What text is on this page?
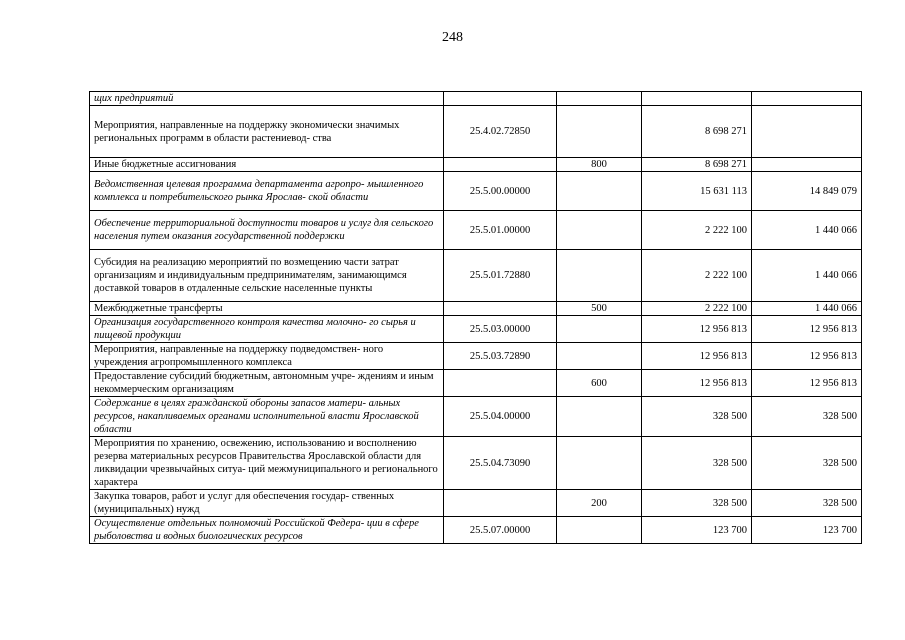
248
щих предприятий				
Мероприятия, направленные на поддержку экономически значимых региональных программ в области растениевод- ства	25.4.02.72850		8 698 271	
Иные бюджетные ассигнования		800	8 698 271	
Ведомственная целевая программа департамента агропро- мышленного комплекса и потребительского рынка Ярослав- ской области	25.5.00.00000		15 631 113	14 849 079
Обеспечение территориальной доступности товаров и услуг для сельского населения путем оказания государственной поддержки	25.5.01.00000		2 222 100	1 440 066
Субсидия на реализацию мероприятий по возмещению части затрат организациям и индивидуальным предпринимателям, занимающимся доставкой товаров в отдаленные сельские населенные пункты	25.5.01.72880		2 222 100	1 440 066
Межбюджетные трансферты		500	2 222 100	1 440 066
Организация государственного контроля качества молочно- го сырья и пищевой продукции	25.5.03.00000		12 956 813	12 956 813
Мероприятия, направленные на поддержку подведомствен- ного учреждения агропромышленного комплекса	25.5.03.72890		12 956 813	12 956 813
Предоставление субсидий бюджетным, автономным учре- ждениям и иным некоммерческим организациям		600	12 956 813	12 956 813
Содержание в целях гражданской обороны запасов матери- альных ресурсов, накапливаемых органами исполнительной власти Ярославской области	25.5.04.00000		328 500	328 500
Мероприятия по хранению, освежению, использованию и восполнению резерва материальных ресурсов Правительства Ярославской области для ликвидации чрезвычайных ситуа- ций межмуниципального и регионального характера	25.5.04.73090		328 500	328 500
Закупка товаров, работ и услуг для обеспечения государ- ственных (муниципальных) нужд		200	328 500	328 500
Осуществление отдельных полномочий Российской Федера- ции в сфере рыболовства и водных биологических ресурсов	25.5.07.00000		123 700	123 700
